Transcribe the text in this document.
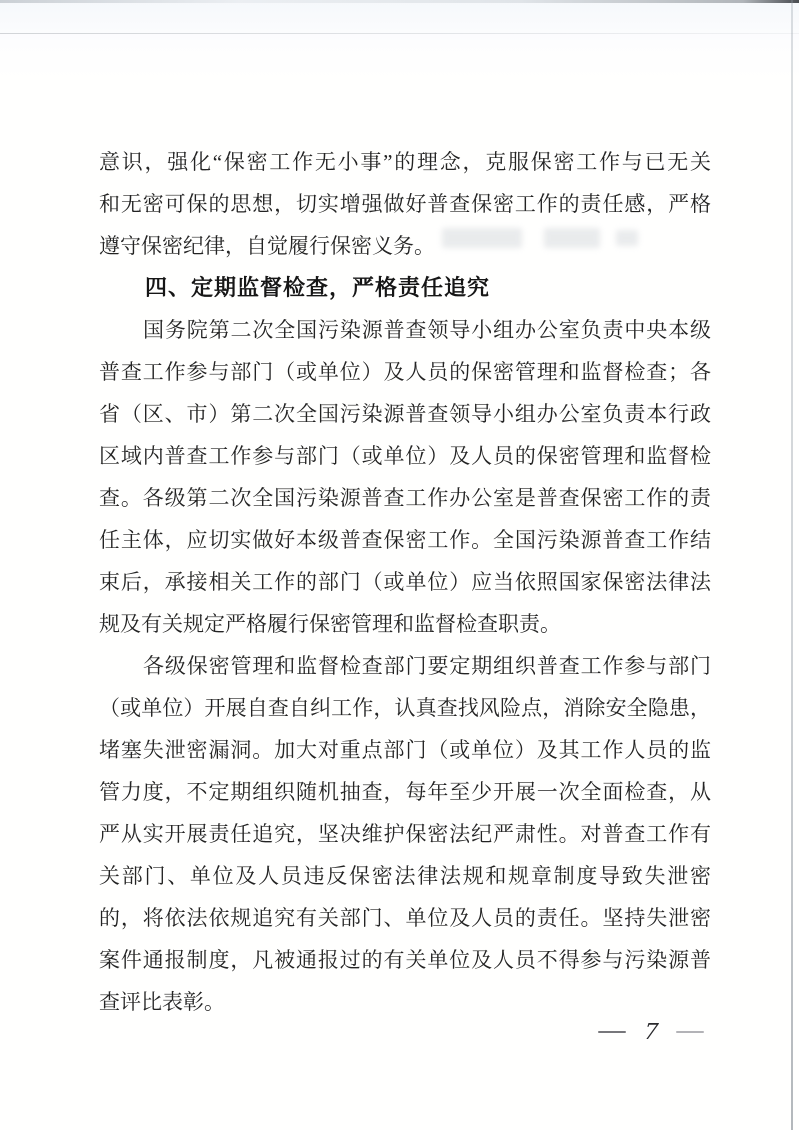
意识，强化“保密工作无小事”的理念，克服保密工作与已无关
和无密可保的思想，切实增强做好普查保密工作的责任感，严格
遵守保密纪律，自觉履行保密义务。
四、定期监督检查，严格责任追究
国务院第二次全国污染源普查领导小组办公室负责中央本级
普查工作参与部门（或单位）及人员的保密管理和监督检查；各
省（区、市）第二次全国污染源普查领导小组办公室负责本行政
区域内普查工作参与部门（或单位）及人员的保密管理和监督检
查。各级第二次全国污染源普查工作办公室是普查保密工作的责
任主体，应切实做好本级普查保密工作。全国污染源普查工作结
束后，承接相关工作的部门（或单位）应当依照国家保密法律法
规及有关规定严格履行保密管理和监督检查职责。
各级保密管理和监督检查部门要定期组织普查工作参与部门
（或单位）开展自查自纠工作，认真查找风险点，消除安全隐患，
堵塞失泄密漏洞。加大对重点部门（或单位）及其工作人员的监
管力度，不定期组织随机抽查，每年至少开展一次全面检查，从
严从实开展责任追究，坚决维护保密法纪严肃性。对普查工作有
关部门、单位及人员违反保密法律法规和规章制度导致失泄密
的，将依法依规追究有关部门、单位及人员的责任。坚持失泄密
案件通报制度，凡被通报过的有关单位及人员不得参与污染源普
查评比表彰。
7
